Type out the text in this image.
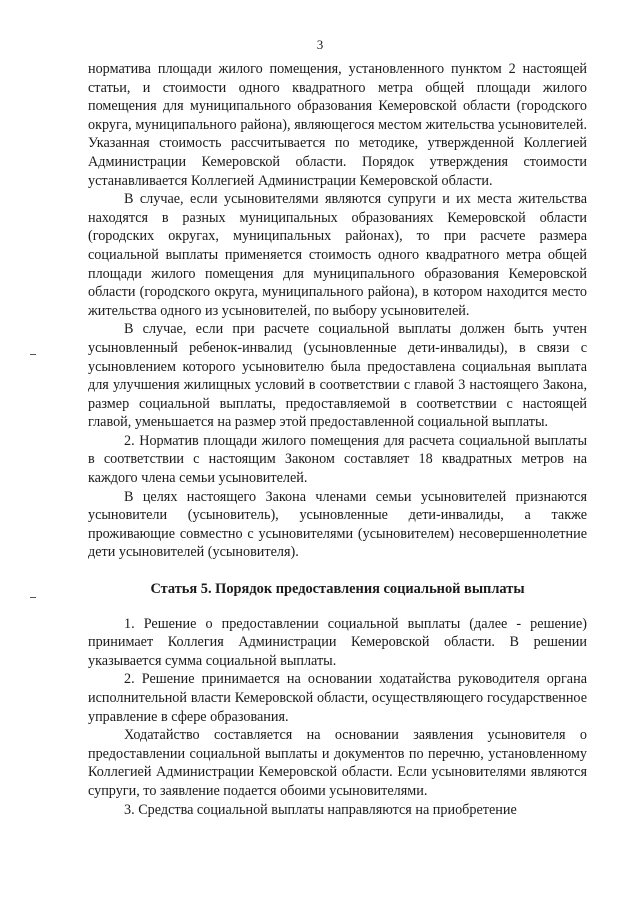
3

норматива площади жилого помещения, установленного пунктом 2 настоящей статьи, и стоимости одного квадратного метра общей площади жилого помещения для муниципального образования Кемеровской области (городского округа, муниципального района), являющегося местом жительства усыновителей. Указанная стоимость рассчитывается по методике, утвержденной Коллегией Администрации Кемеровской области. Порядок утверждения стоимости устанавливается Коллегией Администрации Кемеровской области.

В случае, если усыновителями являются супруги и их места жительства находятся в разных муниципальных образованиях Кемеровской области (городских округах, муниципальных районах), то при расчете размера социальной выплаты применяется стоимость одного квадратного метра общей площади жилого помещения для муниципального образования Кемеровской области (городского округа, муниципального района), в котором находится место жительства одного из усыновителей, по выбору усыновителей.

В случае, если при расчете социальной выплаты должен быть учтен усыновленный ребенок-инвалид (усыновленные дети-инвалиды), в связи с усыновлением которого усыновителю была предоставлена социальная выплата для улучшения жилищных условий в соответствии с главой 3 настоящего Закона, размер социальной выплаты, предоставляемой в соответствии с настоящей главой, уменьшается на размер этой предоставленной социальной выплаты.

2. Норматив площади жилого помещения для расчета социальной выплаты в соответствии с настоящим Законом составляет 18 квадратных метров на каждого члена семьи усыновителей.

В целях настоящего Закона членами семьи усыновителей признаются усыновители (усыновитель), усыновленные дети-инвалиды, а также проживающие совместно с усыновителями (усыновителем) несовершеннолетние дети усыновителей (усыновителя).

Статья 5. Порядок предоставления социальной выплаты

1. Решение о предоставлении социальной выплаты (далее - решение) принимает Коллегия Администрации Кемеровской области. В решении указывается сумма социальной выплаты.

2. Решение принимается на основании ходатайства руководителя органа исполнительной власти Кемеровской области, осуществляющего государственное управление в сфере образования.

Ходатайство составляется на основании заявления усыновителя о предоставлении социальной выплаты и документов по перечню, установленному Коллегией Администрации Кемеровской области. Если усыновителями являются супруги, то заявление подается обоими усыновителями.

3. Средства социальной выплаты направляются на приобретение
